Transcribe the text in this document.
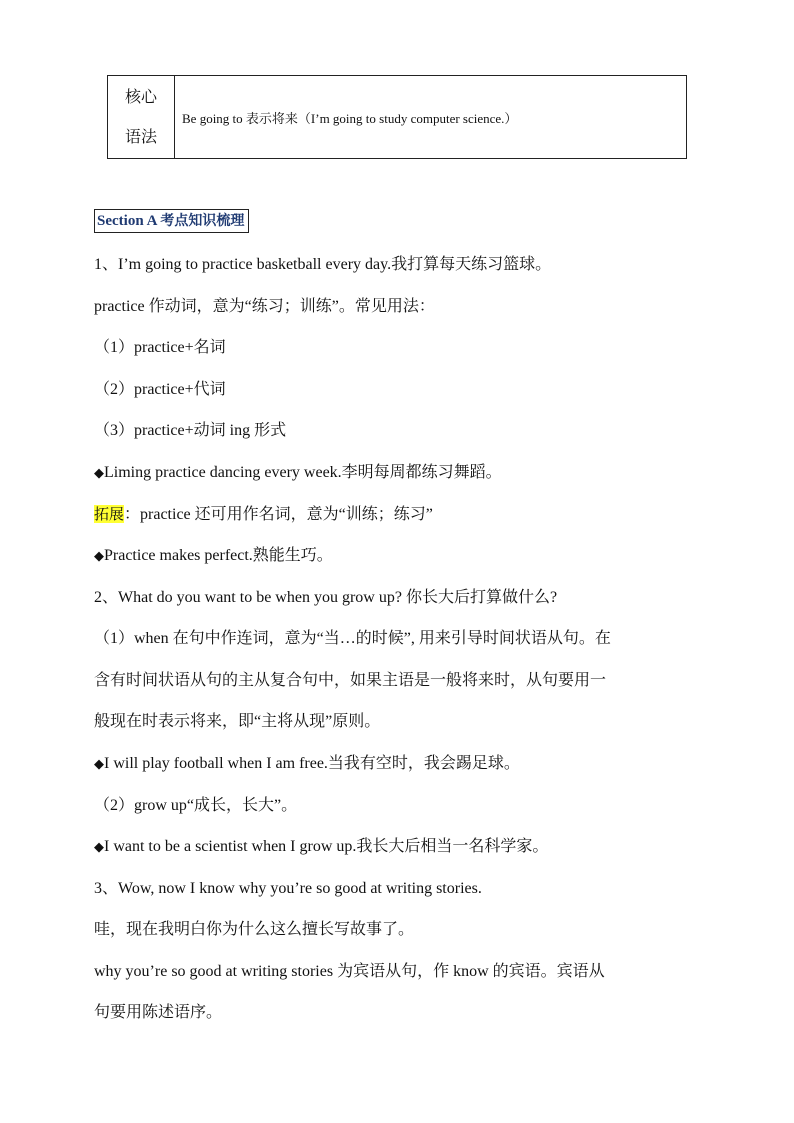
核心
语法
Be going to 表示将来（I’m going to study computer science.）
Section A 考点知识梳理
1、I’m going to practice basketball every day.我打算每天练习篮球。
practice 作动词，意为“练习；训练”。常见用法：
（1）practice+名词
（2）practice+代词
（3）practice+动词 ing 形式
◆Liming practice dancing every week.李明每周都练习舞蹈。
拓展：practice 还可用作名词，意为“训练；练习”
◆Practice makes perfect.熟能生巧。
2、What do you want to be when you grow up? 你长大后打算做什么?
（1）when 在句中作连词，意为“当…的时候”, 用来引导时间状语从句。在
含有时间状语从句的主从复合句中，如果主语是一般将来时，从句要用一
般现在时表示将来，即“主将从现”原则。
◆I will play football when I am free.当我有空时，我会踢足球。
（2）grow up“成长，长大”。
◆I want to be a scientist when I grow up.我长大后相当一名科学家。
3、Wow, now I know why you’re so good at writing stories.
哇，现在我明白你为什么这么擅长写故事了。
why you’re so good at writing stories 为宾语从句，作 know 的宾语。宾语从
句要用陈述语序。
